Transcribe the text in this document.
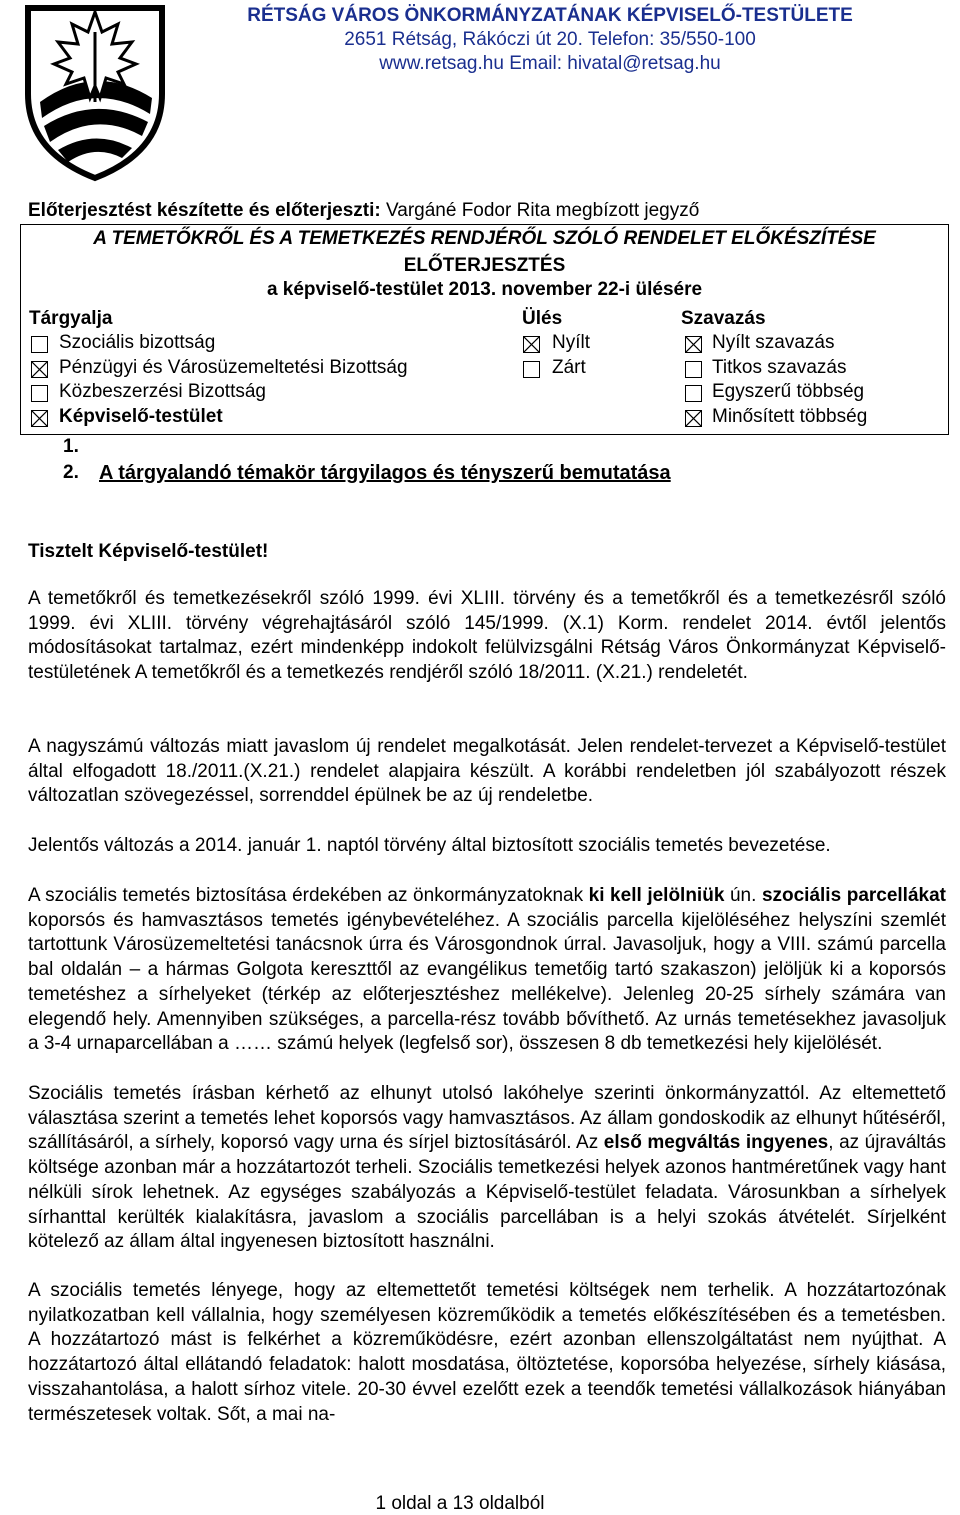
RÉTSÁG VÁROS ÖNKORMÁNYZATÁNAK KÉPVISELŐ-TESTÜLETE
2651 Rétság, Rákóczi út 20. Telefon: 35/550-100
www.retsag.hu Email: hivatal@retsag.hu
Előterjesztést készítette és előterjeszti: Vargáné Fodor Rita megbízott jegyző
A TEMETŐKRŐL ÉS A TEMETKEZÉS RENDJÉRŐL SZÓLÓ RENDELET ELŐKÉSZÍTÉSE
ELŐTERJESZTÉS
a képviselő-testület 2013. november 22-i ülésére
Tárgyalja	Ülés	Szavazás
Szociális bizottság
Pénzügyi és Városüzemeltetési Bizottság
Közbeszerzési Bizottság
Képviselő-testület
Nyílt
Zárt
Nyílt szavazás
Titkos szavazás
Egyszerű többség
Minősített többség
1.
2. A tárgyalandó témakör tárgyilagos és tényszerű bemutatása
Tisztelt Képviselő-testület!
A temetőkről és temetkezésekről szóló 1999. évi XLIII. törvény és a temetőkről és a temetkezésről szóló 1999. évi XLIII. törvény végrehajtásáról szóló 145/1999. (X.1) Korm. rendelet 2014. évtől jelentős módosításokat tartalmaz, ezért mindenképp indokolt felülvizsgálni Rétság Város Önkormányzat Képviselő-testületének A temetőkről és a temetkezés rendjéről szóló 18/2011. (X.21.) rendeletét.
A nagyszámú változás miatt javaslom új rendelet megalkotását. Jelen rendelet-tervezet a Képviselő-testület által elfogadott 18./2011.(X.21.) rendelet alapjaira készült. A korábbi rendeletben jól szabályozott részek változatlan szövegezéssel, sorrenddel épülnek be az új rendeletbe.
Jelentős változás a 2014. január 1. naptól törvény által biztosított szociális temetés bevezetése.
A szociális temetés biztosítása érdekében az önkormányzatoknak ki kell jelölniük ún. szociális parcellákat koporsós és hamvasztásos temetés igénybevételéhez. A szociális parcella kijelöléséhez helyszíni szemlét tartottunk Városüzemeltetési tanácsnok úrra és Városgondnok úrral. Javasoljuk, hogy a VIII. számú parcella bal oldalán – a hármas Golgota kereszttől az evangélikus temetőig tartó szakaszon) jelöljük ki a koporsós temetéshez a sírhelyeket (térkép az előterjesztéshez mellékelve). Jelenleg 20-25 sírhely számára van elegendő hely. Amennyiben szükséges, a parcella-rész tovább bővíthető. Az urnás temetésekhez javasoljuk a 3-4 urnaparcellában a …… számú helyek (legfelső sor), összesen 8 db temetkezési hely kijelölését.
Szociális temetés írásban kérhető az elhunyt utolsó lakóhelye szerinti önkormányzattól. Az eltemettető választása szerint a temetés lehet koporsós vagy hamvasztásos. Az állam gondoskodik az elhunyt hűtéséről, szállításáról, a sírhely, koporsó vagy urna és sírjel biztosításáról. Az első megváltás ingyenes, az újraváltás költsége azonban már a hozzátartozót terheli. Szociális temetkezési helyek azonos hantméretűnek vagy hant nélküli sírok lehetnek. Az egységes szabályozás a Képviselő-testület feladata. Városunkban a sírhelyek sírhanttal kerülték kialakításra, javaslom a szociális parcellában is a helyi szokás átvételét. Sírjelként kötelező az állam által ingyenesen biztosított használni.
A szociális temetés lényege, hogy az eltemettetőt temetési költségek nem terhelik. A hozzátartozónak nyilatkozatban kell vállalnia, hogy személyesen közreműködik a temetés előkészítésében és a temetésben. A hozzátartozó mást is felkérhet a közreműködésre, ezért azonban ellenszolgáltatást nem nyújthat. A hozzátartozó által ellátandó feladatok: halott mosdatása, öltöztetése, koporsóba helyezése, sírhely kiásása, visszahantolása, a halott sírhoz vitele. 20-30 évvel ezelőtt ezek a teendők temetési vállalkozások hiányában természetesek voltak. Sőt, a mai na-
1 oldal a 13 oldalból
